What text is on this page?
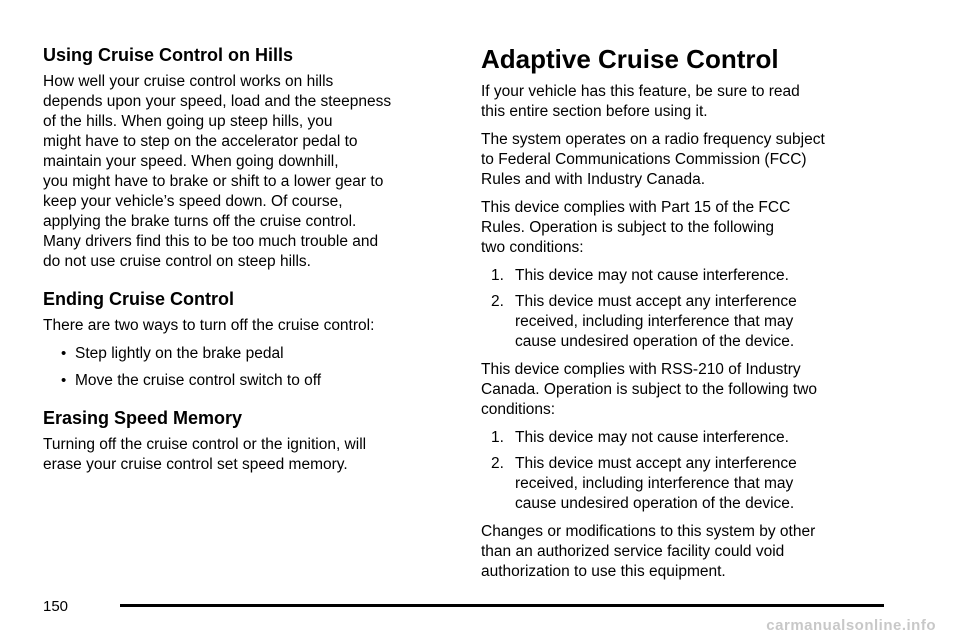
Using Cruise Control on Hills

How well your cruise control works on hills
depends upon your speed, load and the steepness
of the hills. When going up steep hills, you
might have to step on the accelerator pedal to
maintain your speed. When going downhill,
you might have to brake or shift to a lower gear to
keep your vehicle’s speed down. Of course,
applying the brake turns off the cruise control.
Many drivers find this to be too much trouble and
do not use cruise control on steep hills.

Ending Cruise Control

There are two ways to turn off the cruise control:

• Step lightly on the brake pedal
• Move the cruise control switch to off
Erasing Speed Memory

Turning off the cruise control or the ignition, will
erase your cruise control set speed memory.

Adaptive Cruise Control

If your vehicle has this feature, be sure to read
this entire section before using it.

The system operates on a radio frequency subject
to Federal Communications Commission (FCC)
Rules and with Industry Canada.

This device complies with Part 15 of the FCC
Rules. Operation is subject to the following
two conditions:

1. This device may not cause interference.
2. This device must accept any interference
received, including interference that may
cause undesired operation of the device.

This device complies with RSS-210 of Industry
Canada. Operation is subject to the following two
conditions:

1. This device may not cause interference.
2. This device must accept any interference
received, including interference that may
cause undesired operation of the device.

Changes or modifications to this system by other
than an authorized service facility could void
authorization to use this equipment.

150
carmanualsonline.info
